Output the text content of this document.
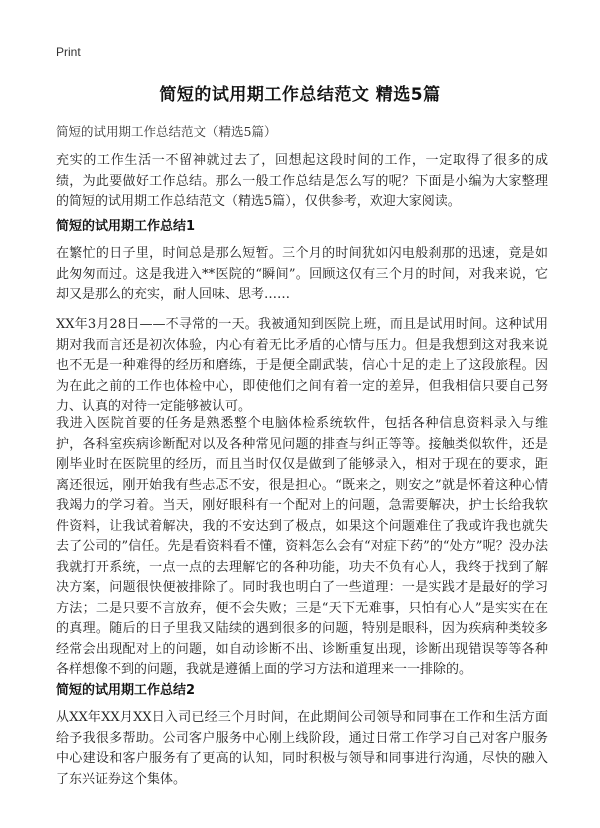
Print
简短的试用期工作总结范文 精选5篇
简短的试用期工作总结范文（精选5篇）

充实的工作生活一不留神就过去了，回想起这段时间的工作，一定取得了很多的成绩，为此要做好工作总结。那么一般工作总结是怎么写的呢？下面是小编为大家整理的简短的试用期工作总结范文（精选5篇），仅供参考，欢迎大家阅读。

简短的试用期工作总结1

在繁忙的日子里，时间总是那么短暂。三个月的时间犹如闪电般刹那的迅速，竟是如此匆匆而过。这是我进入**医院的“瞬间”。回顾这仅有三个月的时间，对我来说，它却又是那么的充实，耐人回味、思考……

XX年3月28日——不寻常的一天。我被通知到医院上班，而且是试用时间。这种试用期对我而言还是初次体验，内心有着无比矛盾的心情与压力。但是我想到这对我来说也不无是一种难得的经历和磨练，于是便全副武装，信心十足的走上了这段旅程。因为在此之前的工作也体检中心，即使他们之间有着一定的差异，但我相信只要自己努力、认真的对待一定能够被认可。

我进入医院首要的任务是熟悉整个电脑体检系统软件，包括各种信息资料录入与维护，各科室疾病诊断配对以及各种常见问题的排查与纠正等等。接触类似软件，还是刚毕业时在医院里的经历，而且当时仅仅是做到了能够录入，相对于现在的要求，距离还很远，刚开始我有些忐忑不安，很是担心。“既来之，则安之”就是怀着这种心情我竭力的学习着。当天，刚好眼科有一个配对上的问题，急需要解决，护士长给我软件资料，让我试着解决，我的不安达到了极点，如果这个问题难住了我或许我也就失去了公司的”信任。先是看资料看不懂，资料怎么会有“对症下药”的“处方”呢？没办法我就打开系统，一点一点的去理解它的各种功能，功夫不负有心人，我终于找到了解决方案，问题很快便被排除了。同时我也明白了一些道理：一是实践才是最好的学习方法；二是只要不言放弃，便不会失败；三是“天下无难事，只怕有心人”是实实在在的真理。随后的日子里我又陆续的遇到很多的问题，特别是眼科，因为疾病种类较多经常会出现配对上的问题，如自动诊断不出、诊断重复出现，诊断出现错误等等各种各样想像不到的问题，我就是遵循上面的学习方法和道理来一一排除的。

简短的试用期工作总结2

从XX年XX月XX日入司已经三个月时间，在此期间公司领导和同事在工作和生活方面给予我很多帮助。公司客户服务中心刚上线阶段，通过日常工作学习自己对客户服务中心建设和客户服务有了更高的认知，同时积极与领导和同事进行沟通，尽快的融入了东兴证券这个集体。
